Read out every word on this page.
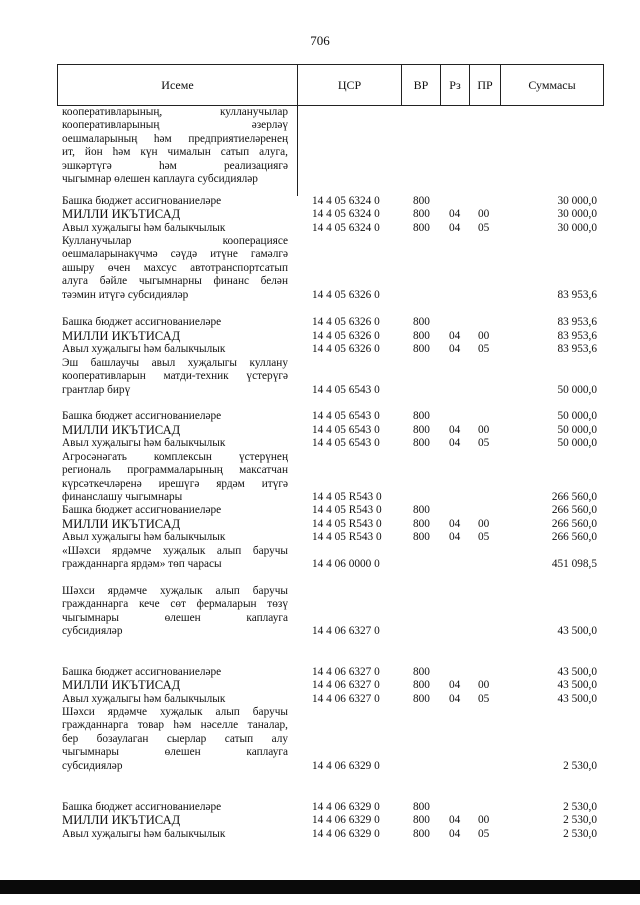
706
Исеме	ЦСР	ВР	Рз	ПР	Суммасы
кооперативларының, кулланучылар
кооперативларының әзерләү
оешмаларының һәм предприятиеләренең
ит, йон һәм күн чималын сатып алуга,
эшкәртүгә һәм реализациягә
чыгымнар өлешен каплауга субсидияләр
Башка бюджет ассигнованиеләре	14 4 05 6324 0	800	30 000,0
МИЛЛИ ИКЪТИСАД	14 4 05 6324 0	800 04 00	30 000,0
Авыл хуҗалыгы һәм балыкчылык	14 4 05 6324 0	800 04 05	30 000,0
Кулланучылар кооперациясе
оешмаларынакүчмә сәүдә итүне гамәлгә
ашыру өчен махсус автотранспортсатып
алуга бәйле чыгымнарны финанс белән
тәэмин итүгә субсидияләр	14 4 05 6326 0	83 953,6
Башка бюджет ассигнованиеләре	14 4 05 6326 0	800	83 953,6
МИЛЛИ ИКЪТИСАД	14 4 05 6326 0	800 04 00	83 953,6
Авыл хуҗалыгы һәм балыкчылык	14 4 05 6326 0	800 04 05	83 953,6
Эш башлаучы авыл хуҗалыгы куллану
кооперативларын матди-техник үстерүгә
грантлар бирү	14 4 05 6543 0	50 000,0
Башка бюджет ассигнованиеләре	14 4 05 6543 0	800	50 000,0
МИЛЛИ ИКЪТИСАД	14 4 05 6543 0	800 04 00	50 000,0
Авыл хуҗалыгы һәм балыкчылык	14 4 05 6543 0	800 04 05	50 000,0
Агросәнәгать комплексын үстерүнең
региональ программаларының максатчан
күрсәткечләренә ирешүгә ярдәм итүгә
финанслашу чыгымнары	14 4 05 R543 0	266 560,0
Башка бюджет ассигнованиеләре	14 4 05 R543 0	800	266 560,0
МИЛЛИ ИКЪТИСАД	14 4 05 R543 0	800 04 00	266 560,0
Авыл хуҗалыгы һәм балыкчылык	14 4 05 R543 0	800 04 05	266 560,0
«Шәхси ярдәмче хуҗалык алып баручы
гражданнарга ярдәм» төп чарасы	14 4 06 0000 0	451 098,5
Шәхси ярдәмче хуҗалык алып баручы
гражданнарга кече сөт фермаларын төзү
чыгымнары өлешен каплауга
субсидияләр	14 4 06 6327 0	43 500,0
Башка бюджет ассигнованиеләре	14 4 06 6327 0	800	43 500,0
МИЛЛИ ИКЪТИСАД	14 4 06 6327 0	800 04 00	43 500,0
Авыл хуҗалыгы һәм балыкчылык	14 4 06 6327 0	800 04 05	43 500,0
Шәхси ярдәмче хуҗалык алып баручы
гражданнарга товар һәм нәселле таналар,
бер бозаулаган сыерлар сатып алу
чыгымнары өлешен каплауга
субсидияләр	14 4 06 6329 0	2 530,0
Башка бюджет ассигнованиеләре	14 4 06 6329 0	800	2 530,0
МИЛЛИ ИКЪТИСАД	14 4 06 6329 0	800 04 00	2 530,0
Авыл хуҗалыгы һәм балыкчылык	14 4 06 6329 0	800 04 05	2 530,0
